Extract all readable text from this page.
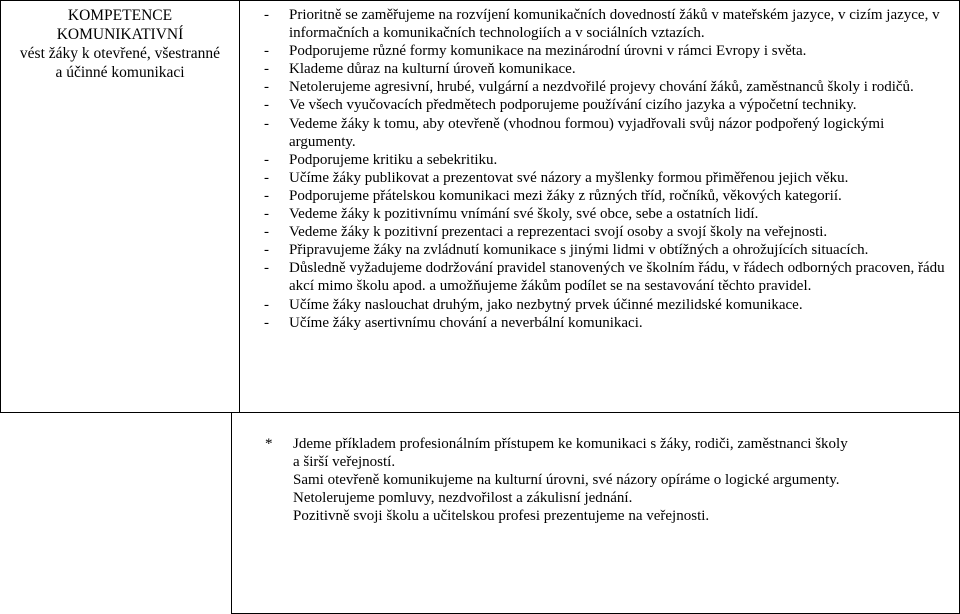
KOMPETENCE
KOMUNIKATIVNÍ
vést žáky k otevřené, všestranné
a účinné komunikaci

- Prioritně se zaměřujeme na rozvíjení komunikačních dovedností žáků v mateřském jazyce, v cizím jazyce, v informačních a komunikačních technologiích a v sociálních vztazích.
- Podporujeme různé formy komunikace na mezinárodní úrovni v rámci Evropy i světa.
- Klademe důraz na kulturní úroveň komunikace.
- Netolerujeme agresivní, hrubé, vulgární a nezdvořilé projevy chování žáků, zaměstnanců školy i rodičů.
- Ve všech vyučovacích předmětech podporujeme používání cizího jazyka a výpočetní techniky.
- Vedeme žáky k tomu, aby otevřeně (vhodnou formou) vyjadřovali svůj názor podpořený logickými argumenty.
- Podporujeme kritiku a sebekritiku.
- Učíme žáky publikovat a prezentovat své názory a myšlenky formou přiměřenou jejich věku.
- Podporujeme přátelskou komunikaci mezi žáky z různých tříd, ročníků, věkových kategorií.
- Vedeme žáky k pozitivnímu vnímání své školy, své obce, sebe a ostatních lidí.
- Vedeme žáky k pozitivní prezentaci a reprezentaci svojí osoby a svojí školy na veřejnosti.
- Připravujeme žáky na zvládnutí komunikace s jinými lidmi v obtížných a ohrožujících situacích.
- Důsledně vyžadujeme dodržování pravidel stanovených ve školním řádu, v řádech odborných pracoven, řádu akcí mimo školu apod. a umožňujeme žákům podílet se na sestavování těchto pravidel.
- Učíme žáky naslouchat druhým, jako nezbytný prvek účinné mezilidské komunikace.
- Učíme žáky asertivnímu chování a neverbální komunikaci.
* Jdeme příkladem profesionálním přístupem ke komunikaci s žáky, rodiči, zaměstnanci školy
a širší veřejností.
Sami otevřeně komunikujeme na kulturní úrovni, své názory opíráme o logické argumenty.
Netolerujeme pomluvy, nezdvořilost a zákulisní jednání.
Pozitivně svoji školu a učitelskou profesi prezentujeme na veřejnosti.
